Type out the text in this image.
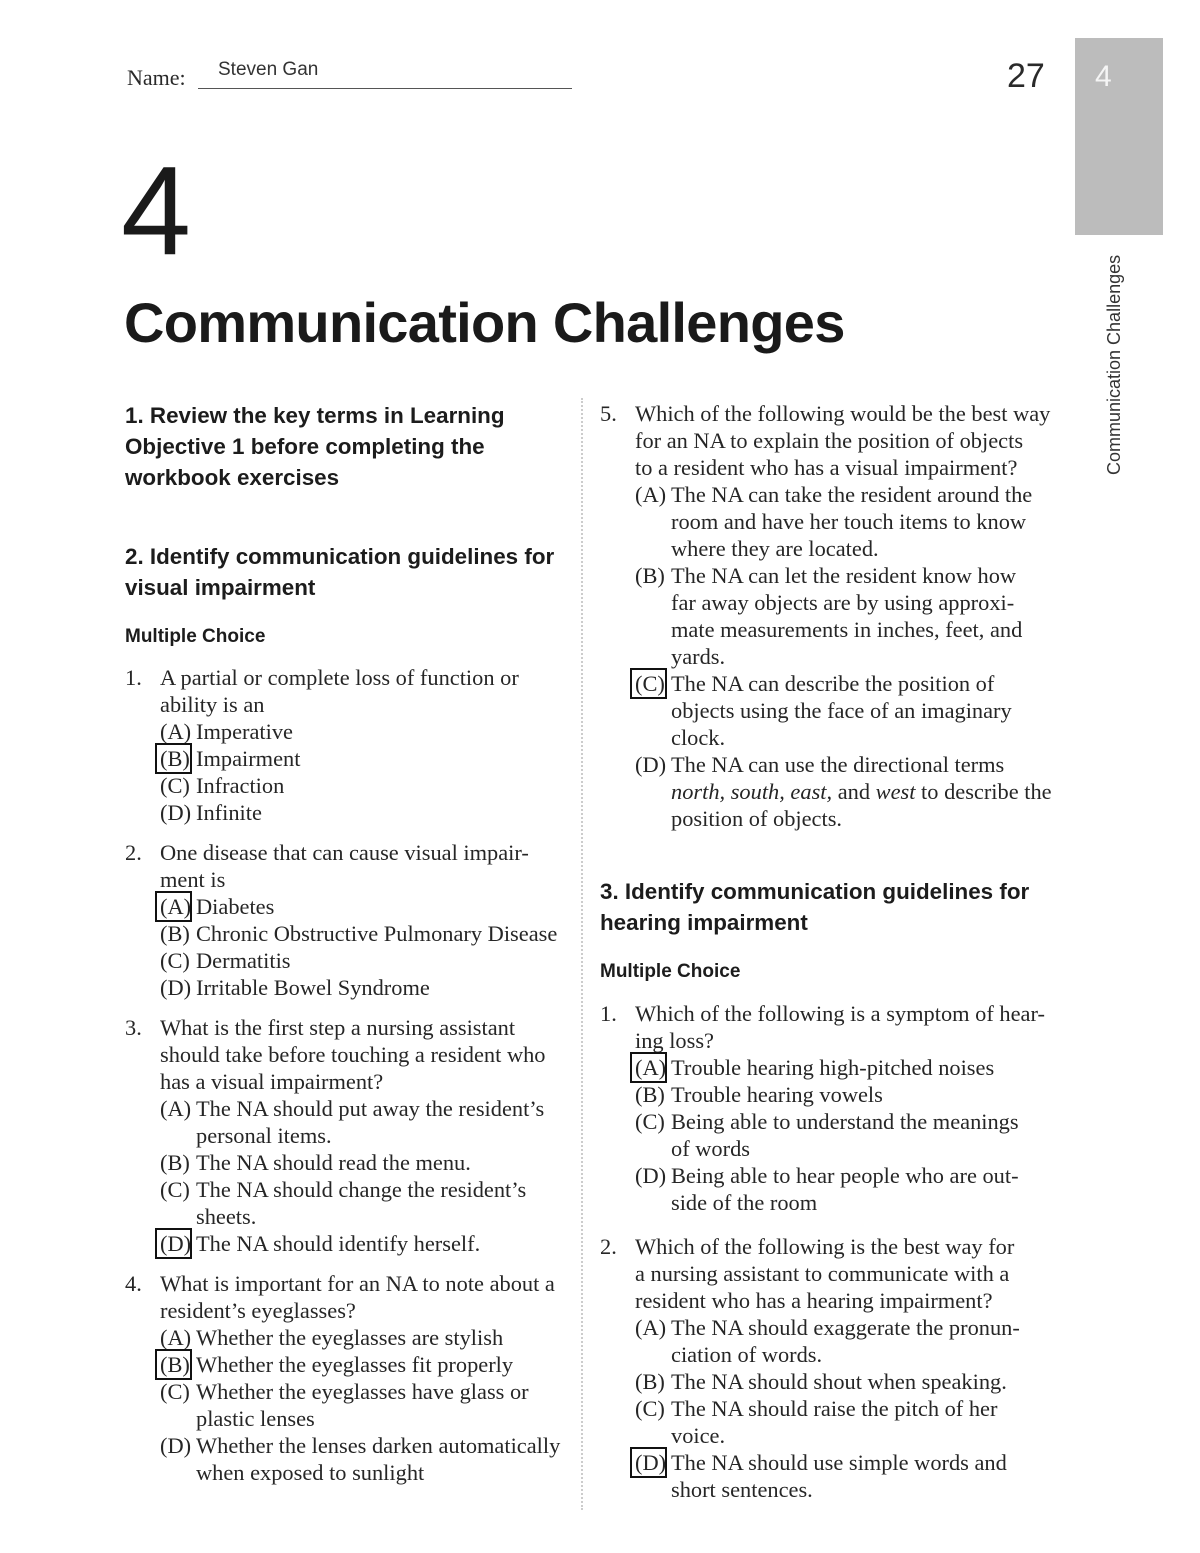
Name: Steven Gan	27 4
Communication Challenges
4
Communication Challenges
1. Review the key terms in Learning
Objective 1 before completing the
workbook exercises
2. Identify communication guidelines for
visual impairment
Multiple Choice
1. A partial or complete loss of function or
ability is an
(A) Imperative
(B) Impairment
(C) Infraction
(D) Infinite
2. One disease that can cause visual impair-
ment is
(A) Diabetes
(B) Chronic Obstructive Pulmonary Disease
(C) Dermatitis
(D) Irritable Bowel Syndrome
3. What is the first step a nursing assistant
should take before touching a resident who
has a visual impairment?
(A) The NA should put away the resident’s
personal items.
(B) The NA should read the menu.
(C) The NA should change the resident’s
sheets.
(D) The NA should identify herself.
4. What is important for an NA to note about a
resident’s eyeglasses?
(A) Whether the eyeglasses are stylish
(B) Whether the eyeglasses fit properly
(C) Whether the eyeglasses have glass or
plastic lenses
(D) Whether the lenses darken automatically
when exposed to sunlight
5. Which of the following would be the best way
for an NA to explain the position of objects
to a resident who has a visual impairment?
(A) The NA can take the resident around the
room and have her touch items to know
where they are located.
(B) The NA can let the resident know how
far away objects are by using approxi-
mate measurements in inches, feet, and
yards.
(C) The NA can describe the position of
objects using the face of an imaginary
clock.
(D) The NA can use the directional terms
north, south, east, and west to describe the
position of objects.
3. Identify communication guidelines for
hearing impairment
Multiple Choice
1. Which of the following is a symptom of hear-
ing loss?
(A) Trouble hearing high-pitched noises
(B) Trouble hearing vowels
(C) Being able to understand the meanings
of words
(D) Being able to hear people who are out-
side of the room
2. Which of the following is the best way for
a nursing assistant to communicate with a
resident who has a hearing impairment?
(A) The NA should exaggerate the pronun-
ciation of words.
(B) The NA should shout when speaking.
(C) The NA should raise the pitch of her
voice.
(D) The NA should use simple words and
short sentences.
